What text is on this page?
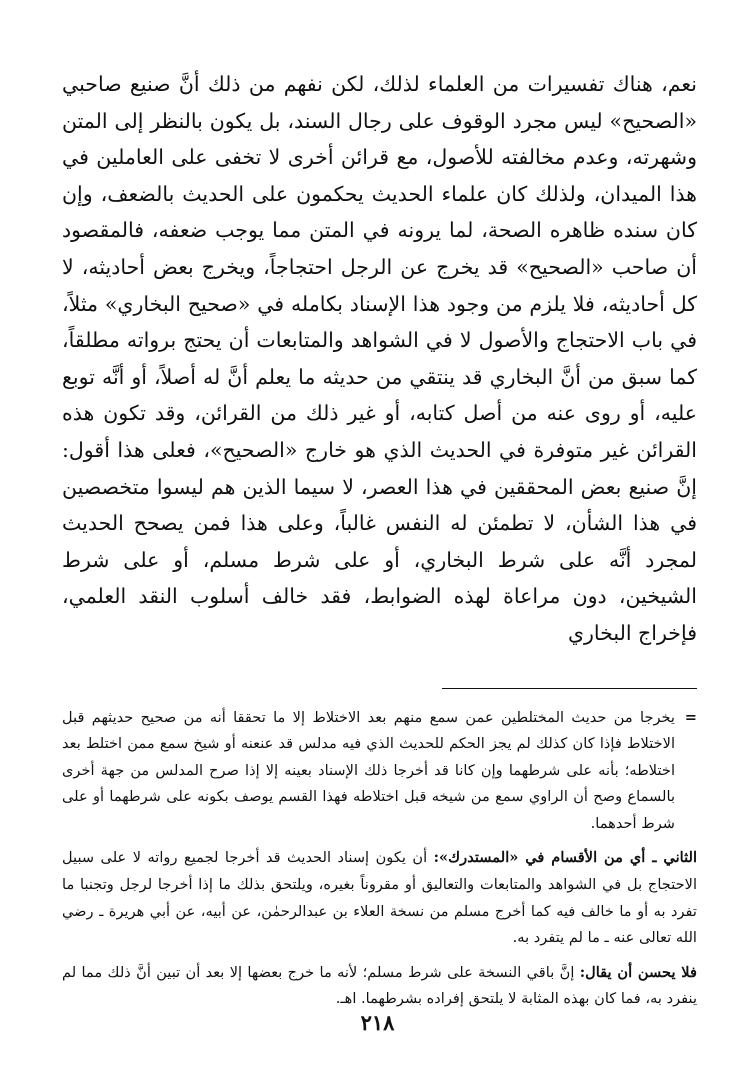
نعم، هناك تفسيرات من العلماء لذلك، لكن نفهم من ذلك أنَّ صنيع صاحبي «الصحيح» ليس مجرد الوقوف على رجال السند، بل يكون بالنظر إلى المتن وشهرته، وعدم مخالفته للأصول، مع قرائن أخرى لا تخفى على العاملين في هذا الميدان، ولذلك كان علماء الحديث يحكمون على الحديث بالضعف، وإن كان سنده ظاهره الصحة، لما يرونه في المتن مما يوجب ضعفه، فالمقصود أن صاحب «الصحيح» قد يخرج عن الرجل احتجاجاً، ويخرج بعض أحاديثه، لا كل أحاديثه، فلا يلزم من وجود هذا الإسناد بكامله في «صحيح البخاري» مثلاً، في باب الاحتجاج والأصول لا في الشواهد والمتابعات أن يحتج برواته مطلقاً، كما سبق من أنَّ البخاري قد ينتقي من حديثه ما يعلم أنَّ له أصلاً، أو أنَّه توبع عليه، أو روى عنه من أصل كتابه، أو غير ذلك من القرائن، وقد تكون هذه القرائن غير متوفرة في الحديث الذي هو خارج «الصحيح»، فعلى هذا أقول: إنَّ صنيع بعض المحققين في هذا العصر، لا سيما الذين هم ليسوا متخصصين في هذا الشأن، لا تطمئن له النفس غالباً، وعلى هذا فمن يصحح الحديث لمجرد أنَّه على شرط البخاري، أو على شرط مسلم، أو على شرط الشيخين، دون مراعاة لهذه الضوابط، فقد خالف أسلوب النقد العلمي، فإخراج البخاري

=
يخرجا من حديث المختلطين عمن سمع منهم بعد الاختلاط إلا ما تحققا أنه من صحيح حديثهم قبل الاختلاط فإذا كان كذلك لم يجز الحكم للحديث الذي فيه مدلس قد عنعنه أو شيخ سمع ممن اختلط بعد اختلاطه؛ بأنه على شرطهما وإن كانا قد أخرجا ذلك الإسناد بعينه إلا إذا صرح المدلس من جهة أخرى بالسماع وصح أن الراوي سمع من شيخه قبل اختلاطه فهذا القسم يوصف بكونه على شرطهما أو على شرط أحدهما.

الثاني ـ أي من الأقسام في «المستدرك»: أن يكون إسناد الحديث قد أخرجا لجميع رواته لا على سبيل الاحتجاج بل في الشواهد والمتابعات والتعاليق أو مقروناً بغيره، ويلتحق بذلك ما إذا أخرجا لرجل وتجنبا ما تفرد به أو ما خالف فيه كما أخرج مسلم من نسخة العلاء بن عبدالرحمٰن، عن أبيه، عن أبي هريرة ـ رضي الله تعالى عنه ـ ما لم يتفرد به.

فلا يحسن أن يقال: إنَّ باقي النسخة على شرط مسلم؛ لأنه ما خرج بعضها إلا بعد أن تبين أنَّ ذلك مما لم ينفرد به، فما كان بهذه المثابة لا يلتحق إفراده بشرطهما. اهـ.

٢١٨
